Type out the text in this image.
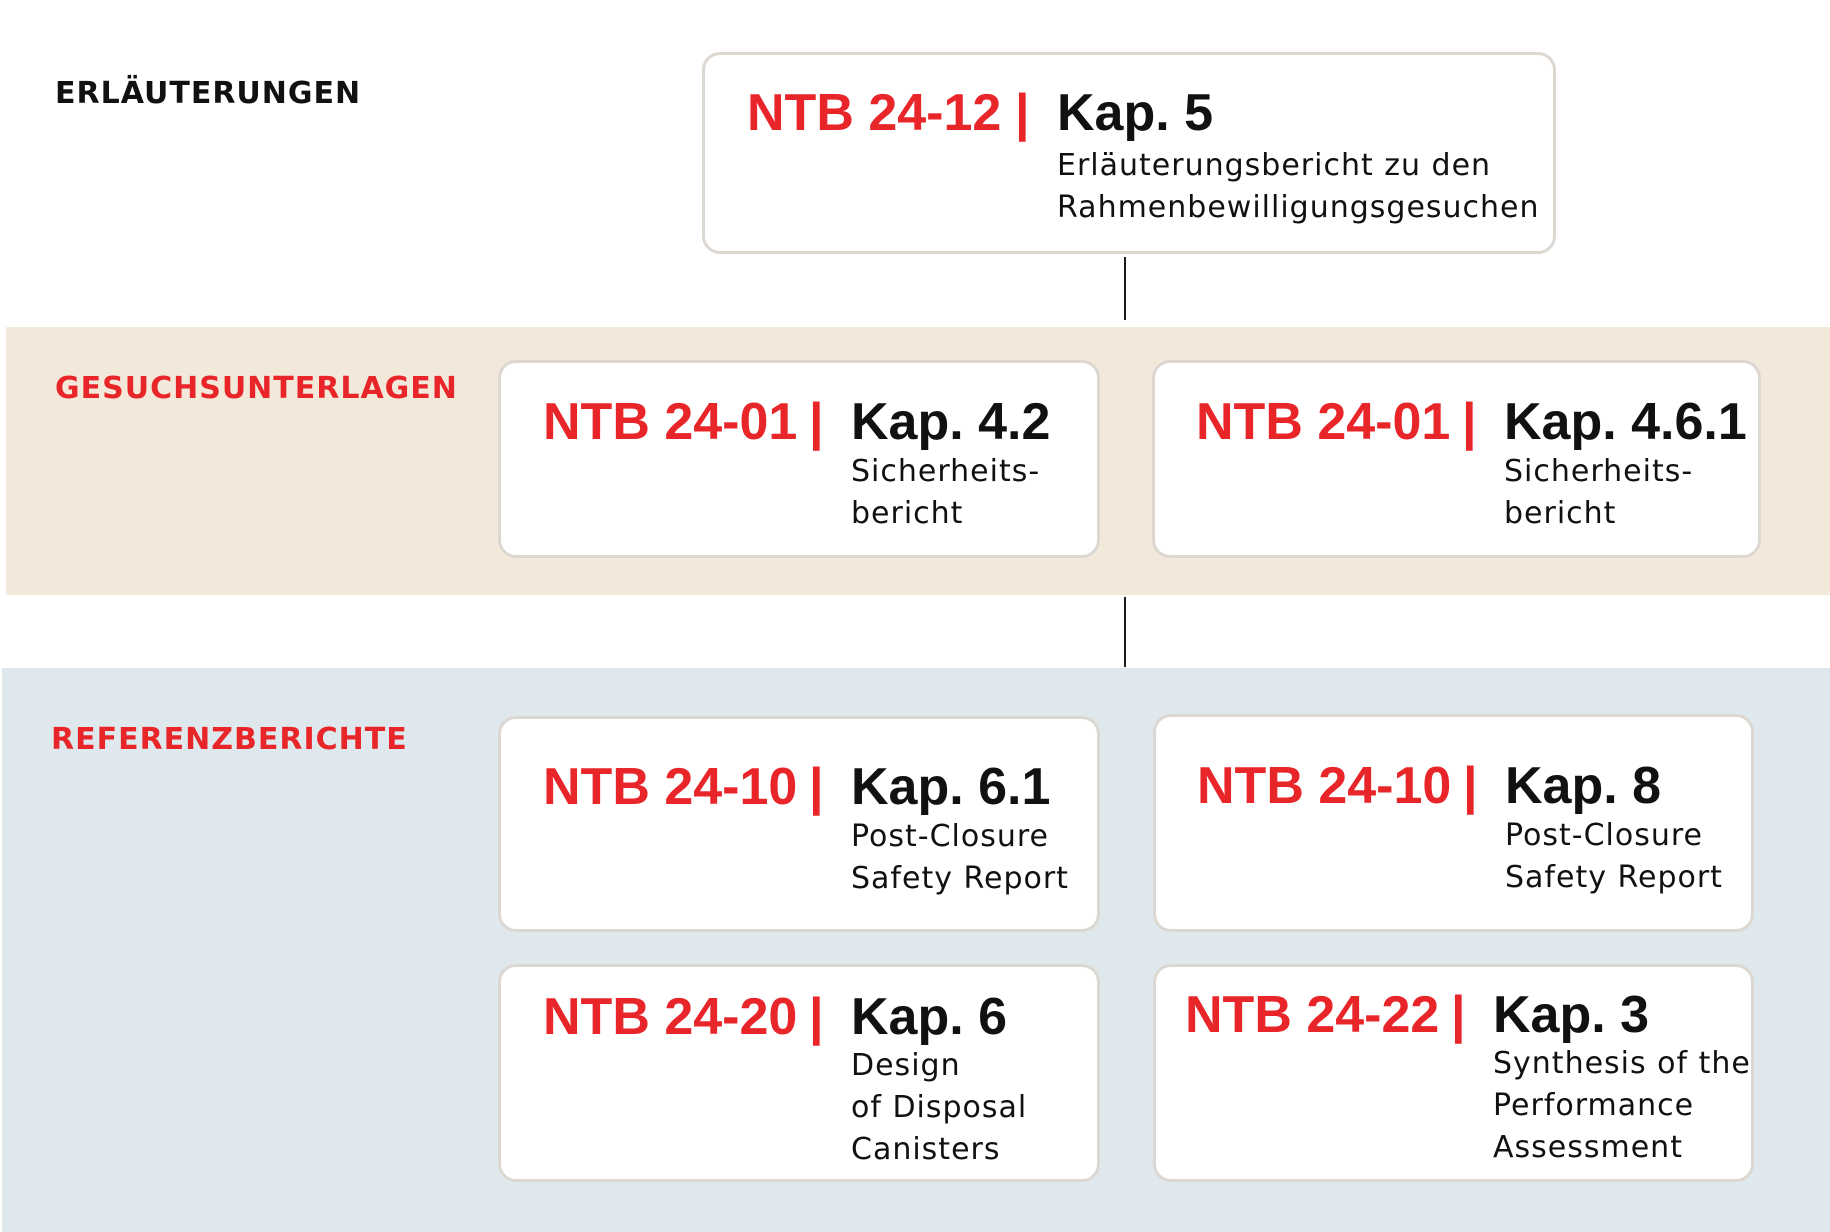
ERLÄUTERUNGEN
GESUCHSUNTERLAGEN
REFERENZBERICHTE
NTB 24-12 | Kap. 5
Erläuterungsbericht zu den
Rahmenbewilligungsgesuchen
NTB 24-01 | Kap. 4.2
Sicherheits-
bericht
NTB 24-01 | Kap. 4.6.1
Sicherheits-
bericht
NTB 24-10 | Kap. 6.1
Post-Closure
Safety Report
NTB 24-10 | Kap. 8
Post-Closure
Safety Report
NTB 24-20 | Kap. 6
Design
of Disposal
Canisters
NTB 24-22 | Kap. 3
Synthesis of the
Performance
Assessment
